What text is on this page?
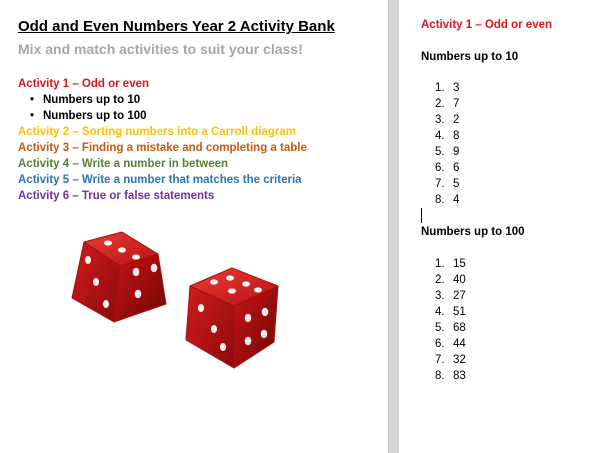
Odd and Even Numbers Year 2 Activity Bank
Mix and match activities to suit your class!
Activity 1 – Odd or even
• Numbers up to 10
• Numbers up to 100
Activity 2 – Sorting numbers into a Carroll diagram
Activity 3 – Finding a mistake and completing a table
Activity 4 – Write a number in between
Activity 5 – Write a number that matches the criteria
Activity 6 – True or false statements
Activity 1 – Odd or even
Numbers up to 10
1. 3
2. 7
3. 2
4. 8
5. 9
6. 6
7. 5
8. 4
Numbers up to 100
1. 15
2. 40
3. 27
4. 51
5. 68
6. 44
7. 32
8. 83
